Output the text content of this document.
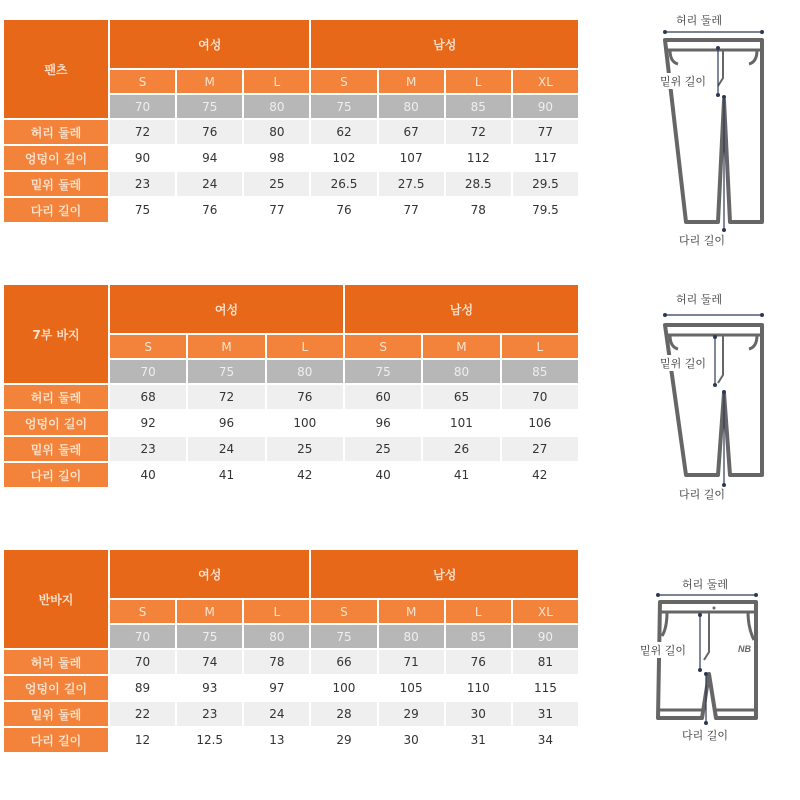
팬츠	여성			남성			
	S	M	L	S	M	L	XL
	70	75	80	75	80	85	90
허리 둘레	72	76	80	62	67	72	77
엉덩이 길이	90	94	98	102	107	112	117
밑위 둘레	23	24	25	26.5	27.5	28.5	29.5
다리 길이	75	76	77	76	77	78	79.5
7부 바지	여성			남성		
	S	M	L	S	M	L
	70	75	80	75	80	85
허리 둘레	68	72	76	60	65	70
엉덩이 길이	92	96	100	96	101	106
밑위 둘레	23	24	25	25	26	27
다리 길이	40	41	42	40	41	42
반바지	여성			남성			
	S	M	L	S	M	L	XL
	70	75	80	75	80	85	90
허리 둘레	70	74	78	66	71	76	81
엉덩이 길이	89	93	97	100	105	110	115
밑위 둘레	22	23	24	28	29	30	31
다리 길이	12	12.5	13	29	30	31	34
허리 둘레
밑위 길이
다리 길이
허리 둘레
밑위 길이
다리 길이
NB
허리 둘레
밑위 길이
다리 길이
